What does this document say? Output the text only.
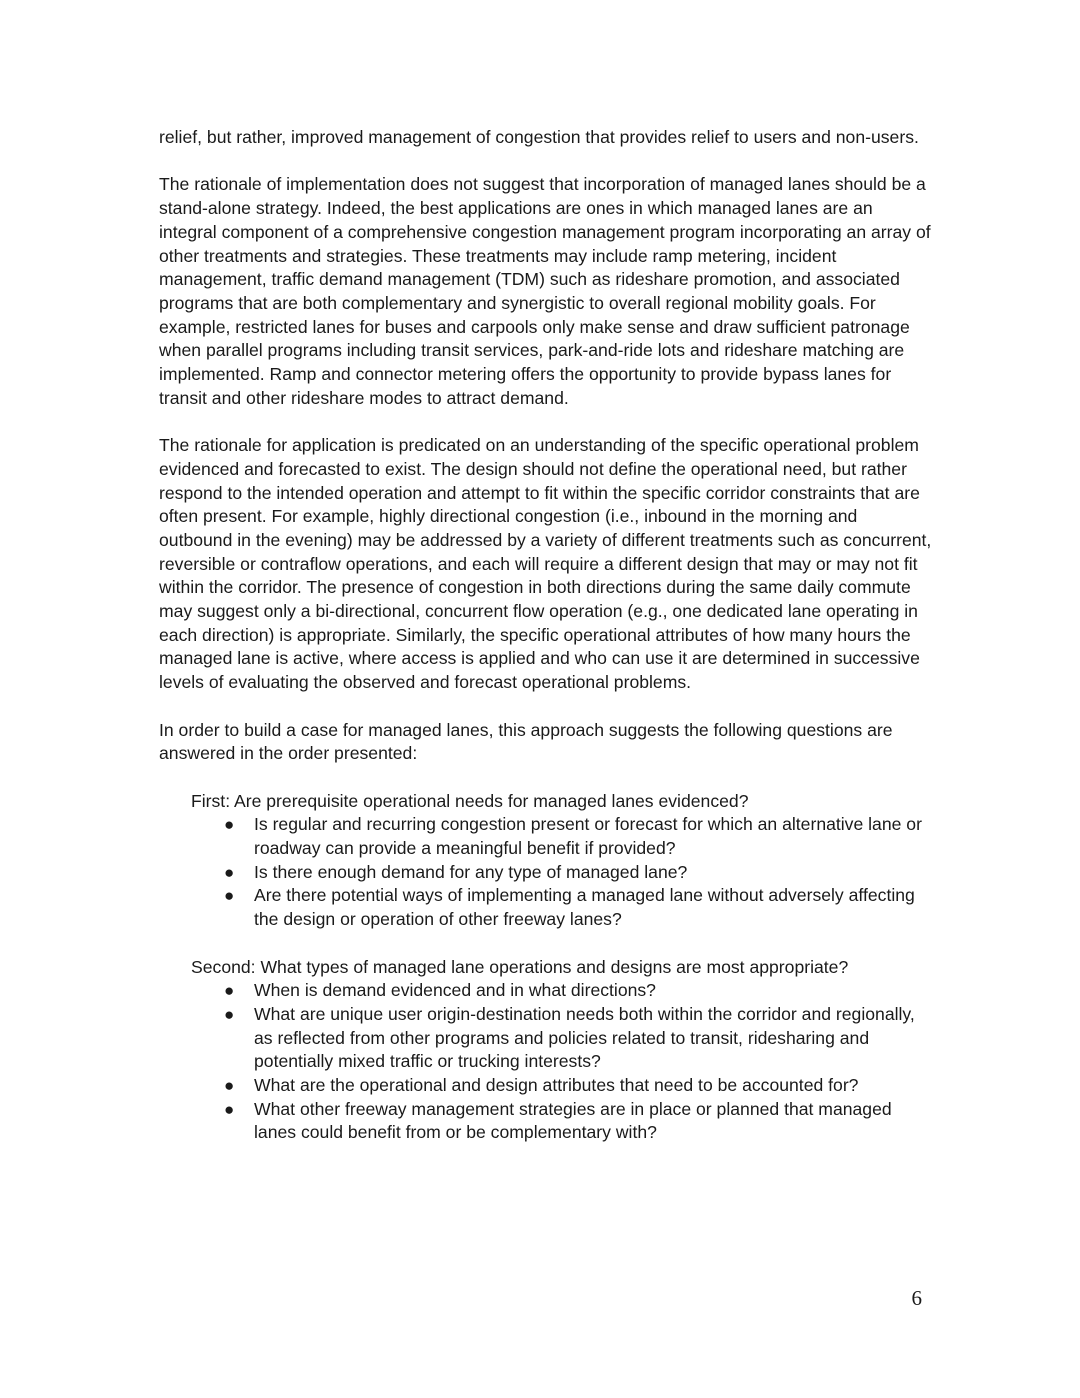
relief, but rather, improved management of congestion that provides relief to users and non-users.

The rationale of implementation does not suggest that incorporation of managed lanes should be a stand-alone strategy. Indeed, the best applications are ones in which managed lanes are an integral component of a comprehensive congestion management program incorporating an array of other treatments and strategies. These treatments may include ramp metering, incident management, traffic demand management (TDM) such as rideshare promotion, and associated programs that are both complementary and synergistic to overall regional mobility goals. For example, restricted lanes for buses and carpools only make sense and draw sufficient patronage when parallel programs including transit services, park-and-ride lots and rideshare matching are implemented. Ramp and connector metering offers the opportunity to provide bypass lanes for transit and other rideshare modes to attract demand.

The rationale for application is predicated on an understanding of the specific operational problem evidenced and forecasted to exist. The design should not define the operational need, but rather respond to the intended operation and attempt to fit within the specific corridor constraints that are often present. For example, highly directional congestion (i.e., inbound in the morning and outbound in the evening) may be addressed by a variety of different treatments such as concurrent, reversible or contraflow operations, and each will require a different design that may or may not fit within the corridor. The presence of congestion in both directions during the same daily commute may suggest only a bi-directional, concurrent flow operation (e.g., one dedicated lane operating in each direction) is appropriate. Similarly, the specific operational attributes of how many hours the managed lane is active, where access is applied and who can use it are determined in successive levels of evaluating the observed and forecast operational problems.

In order to build a case for managed lanes, this approach suggests the following questions are answered in the order presented:

First: Are prerequisite operational needs for managed lanes evidenced?

● Is regular and recurring congestion present or forecast for which an alternative lane or roadway can provide a meaningful benefit if provided?
● Is there enough demand for any type of managed lane?
● Are there potential ways of implementing a managed lane without adversely affecting the design or operation of other freeway lanes?

Second: What types of managed lane operations and designs are most appropriate?

● When is demand evidenced and in what directions?
● What are unique user origin-destination needs both within the corridor and regionally, as reflected from other programs and policies related to transit, ridesharing and potentially mixed traffic or trucking interests?
● What are the operational and design attributes that need to be accounted for?
● What other freeway management strategies are in place or planned that managed lanes could benefit from or be complementary with?
6
